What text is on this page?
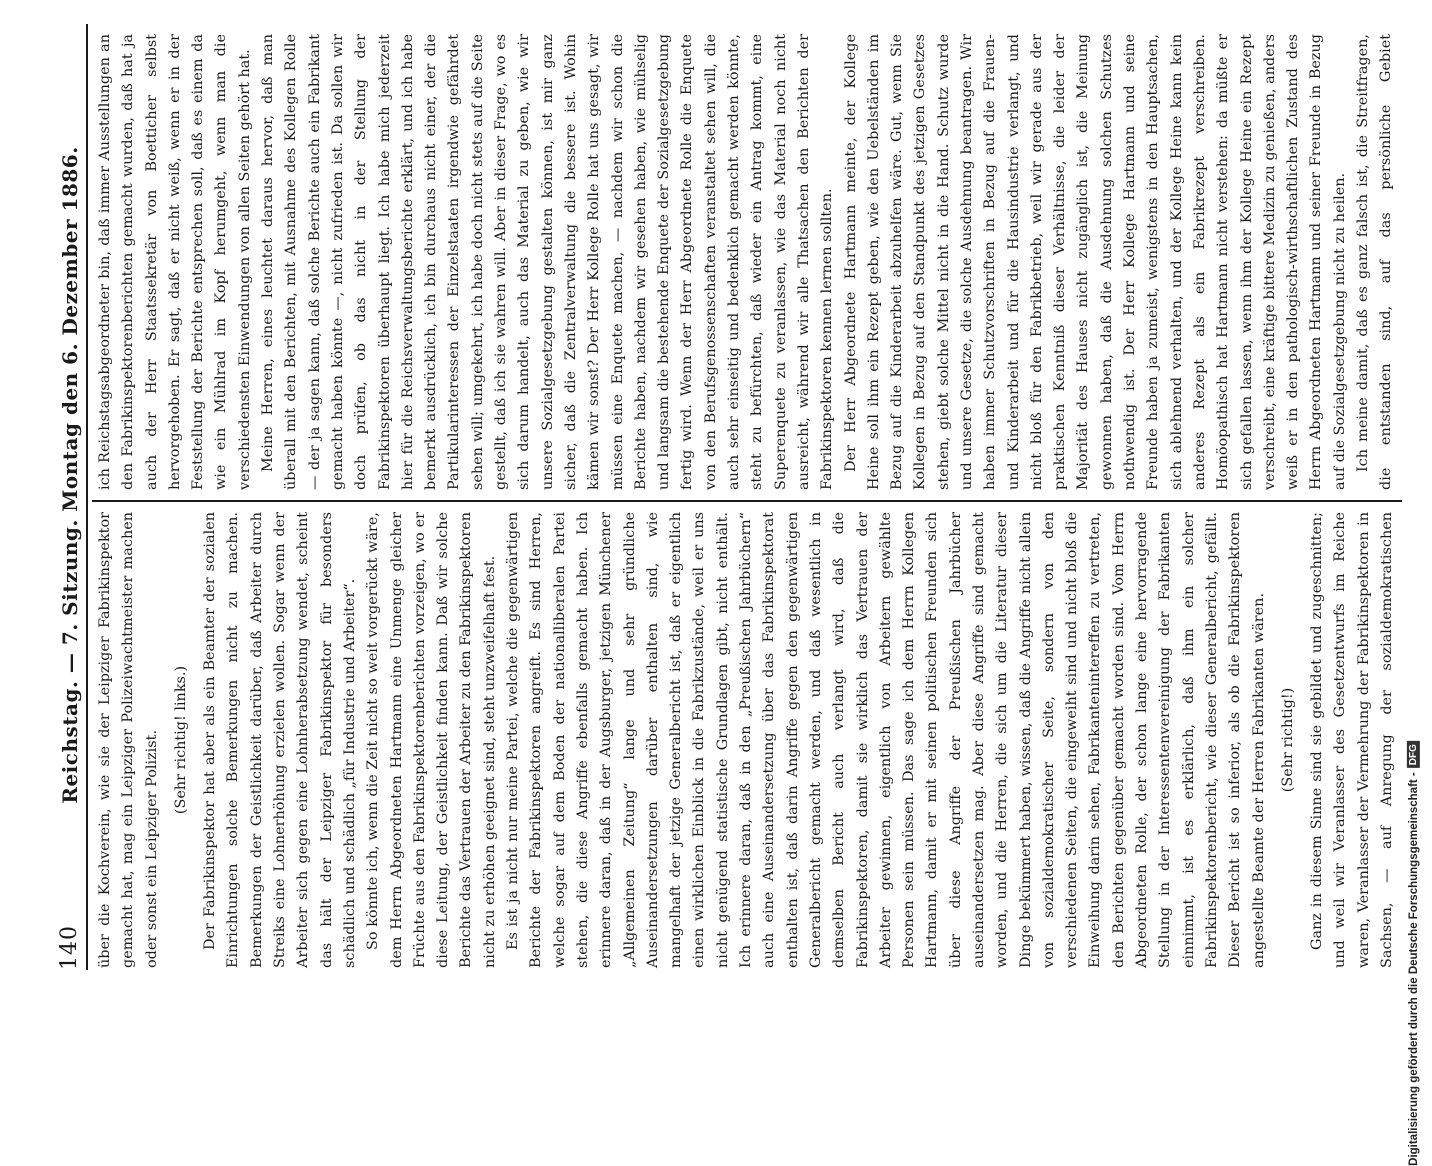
140
Reichstag. — 7. Sitzung. Montag den 6. Dezember 1886. über die Kochverein, wie sie der Leipziger Fabrikinspektor gemacht hat, mag ein Leipziger Polizeiwachtmeister machen oder sonst ein Leipziger Polizist. (Sehr richtig! links.) Der Fabrikinspektor hat aber als ein Beamter der sozialen Einrichtungen solche Bemerkungen nicht zu machen. Bemerkungen der Geistlichkeit darüber, daß Arbeiter durch Streiks eine Lohnerhöhung erzielen wollen. Sogar wenn der Arbeiter sich gegen eine Lohnherabsetzung wendet, scheint das hält der Leipziger Fabrikinspektor für besonders schädlich und schädlich „für Industrie und Arbeiter“. So könnte ich, wenn die Zeit nicht so weit vorgerückt wäre, dem Herrn Abgeordneten Hartmann eine Unmenge gleicher Früchte aus den Fabrikinspektorenberichten vorzeigen, wo er diese Leitung, der Geistlichkeit finden kann. Daß wir solche Berichte das Vertrauen der Arbeiter zu den Fabrikinspektoren nicht zu erhöhen geeignet sind, steht unzweifelhaft fest. Es ist ja nicht nur meine Partei, welche die gegenwärtigen Berichte der Fabrikinspektoren angreift. Es sind Herren, welche sogar auf dem Boden der nationalliberalen Partei stehen, die diese Angriffe ebenfalls gemacht haben. Ich erinnere daran, daß in der Augsburger, jetzigen Münchener „Allgemeinen Zeitung“ lange und sehr gründliche Auseinandersetzungen darüber enthalten sind, wie mangelhaft der jetzige Generalbericht ist, daß er eigentlich einen wirklichen Einblick in die Fabrikzustände, weil er uns nicht genügend statistische Grundlagen gibt, nicht enthält. Ich erinnere daran, daß in den „Preußischen Jahrbüchern“ auch eine Auseinandersetzung über das Fabrikinspektorat enthalten ist, daß darin Angriffe gegen den gegenwärtigen Generalbericht gemacht werden, und daß wesentlich in demselben Bericht auch verlangt wird, daß die Fabrikinspektoren, damit sie wirklich das Vertrauen der Arbeiter gewinnen, eigentlich von Arbeitern gewählte Personen sein müssen. Das sage ich dem Herrn Kollegen Hartmann, damit er mit seinen politischen Freunden sich über diese Angriffe der Preußischen Jahrbücher auseinandersetzen mag. Aber diese Angriffe sind gemacht worden, und die Herren, die sich um die Literatur dieser Dinge bekümmert haben, wissen, daß die Angriffe nicht allein von sozialdemokratischer Seite, sondern von den verschiedenen Seiten, die eingeweiht sind und nicht bloß die Einweihung darin sehen, Fabrikantenintereffen zu vertreten, den Berichten gegenüber gemacht worden sind. Vom Herrn Abgeordneten Rolle, der schon lange eine hervorragende Stellung in der Interessentenvereinigung der Fabrikanten einnimmt, ist es erklärlich, daß ihm ein solcher Fabrikinspektorenbericht, wie dieser Generalbericht, gefällt. Dieser Bericht ist so inferior, als ob die Fabrikinspektoren angestellte Beamte der Herren Fabrikanten wären. (Sehr richtig!)

Ganz in diesem Sinne sind sie gebildet und zugeschnitten; und weil wir Veranlasser des Gesetzentwurfs im Reiche waren, Veranlasser der Vermehrung der Fabrikinspektoren in Sachsen, — auf Anregung der sozialdemokratischen

ich Reichstagsabgeordneter bin, daß immer Ausstellungen an den Fabrikinspektorenberichten gemacht wurden, daß hat ja auch der Herr Staatssekretär von Boetticher selbst hervorgehoben. Er sagt, daß er nicht weiß, wenn er in der Feststellung der Berichte entsprechen soll, daß es einem da wie ein Mühlrad im Kopf herumgeht, wenn man die verschiedensten Einwendungen von allen Seiten gehört hat. Meine Herren, eines leuchtet daraus hervor, daß man überall mit den Berichten, mit Ausnahme des Kollegen Rolle — der ja sagen kann, daß solche Berichte auch ein Fabrikant gemacht haben könnte —, nicht zufrieden ist. Da sollen wir doch prüfen, ob das nicht in der Stellung der Fabrikinspektoren überhaupt liegt. Ich habe mich jederzeit hier für die Reichsverwaltungsberichte erklärt, und ich habe bemerkt ausdrücklich, ich bin durchaus nicht einer, der die Partikularinteressen der Einzelstaaten irgendwie gefährdet sehen will; umgekehrt, ich habe doch nicht stets auf die Seite gestellt, daß ich sie wahren will. Aber in dieser Frage, wo es sich darum handelt, auch das Material zu geben, wie wir unsere Sozialgesetzgebung gestalten können, ist mir ganz sicher, daß die Zentralverwaltung die bessere ist. Wohin kämen wir sonst? Der Herr Kollege Rolle hat uns gesagt, wir müssen eine Enquete machen, — nachdem wir schon die Berichte haben, nachdem wir gesehen haben, wie mühselig und langsam die bestehende Enquete der Sozialgesetzgebung fertig wird. Wenn der Herr Abgeordnete Rolle die Enquete von den Berufsgenossenschaften veranstaltet sehen will, die auch sehr einseitig und bedenklich gemacht werden könnte, steht zu befürchten, daß wieder ein Antrag kommt, eine Superenquete zu veranlassen, wie das Material noch nicht ausreicht, während wir alle Thatsachen den Berichten der Fabrikinspektoren kennen lernen sollten. Der Herr Abgeordnete Hartmann meinte, der Kollege Heine soll ihm ein Rezept geben, wie den Uebelständen im Bezug auf die Kinderarbeit abzuhelfen wäre. Gut, wenn Sie Kollegen in Bezug auf den Standpunkt des jetzigen Gesetzes stehen, giebt solche Mittel nicht in die Hand. Schutz wurde und unsere Gesetze, die solche Ausdehnung beantragen. Wir haben immer Schutzvorschriften in Bezug auf die Frauen- und Kinderarbeit und für die Hausindustrie verlangt, und nicht bloß für den Fabrikbetrieb, weil wir gerade aus der praktischen Kenntniß dieser Verhältnisse, die leider der Majorität des Hauses nicht zugänglich ist, die Meinung gewonnen haben, daß die Ausdehnung solchen Schutzes nothwendig ist. Der Herr Kollege Hartmann und seine Freunde haben ja zumeist, wenigstens in den Hauptsachen, sich ablehnend verhalten, und der Kollege Heine kann kein anderes Rezept als ein Fabrikrezept verschreiben. Homöopathisch hat Hartmann nicht verstehen: da müßte er sich gefallen lassen, wenn ihm der Kollege Heine ein Rezept verschreibt, eine kräftige bittere Medizin zu genießen, anders weiß er in den pathologisch-wirthschaftlichen Zustand des Herrn Abgeordneten Hartmann und seiner Freunde in Bezug auf die Sozialgesetzgebung nicht zu heilen. Ich meine damit, daß es ganz falsch ist, die Streitfragen, die entstanden sind, auf das persönliche Gebiet

Digitalisierung gefördert durch die Deutsche Forschungsgemeinschaft -
DFG
